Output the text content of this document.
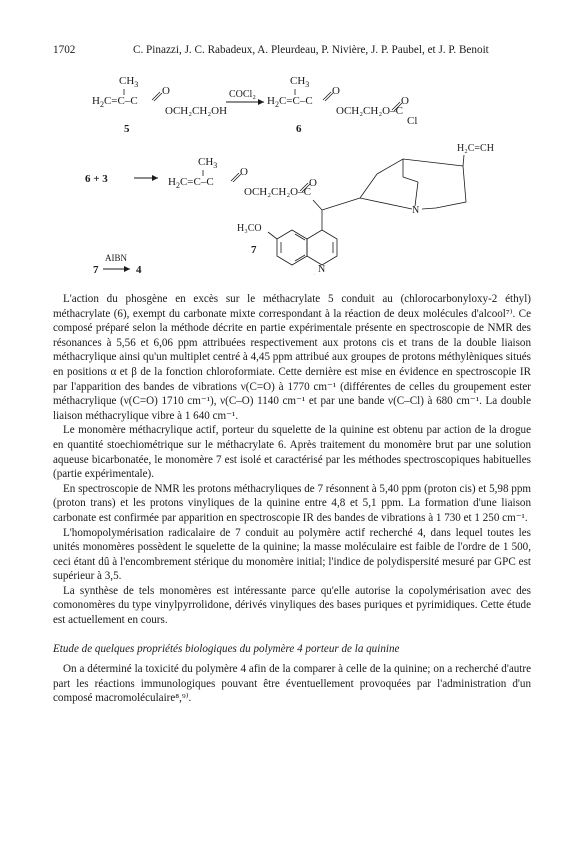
1702	C. Pinazzi, J. C. Rabadeux, A. Pleurdeau, P. Nivière, J. P. Paubel, et J. P. Benoit
$CH_3$
$H_2C=C-C$
O
OCH₂CH₂OH
5
COCl₂
$CH_3$
$H_2C=C-C$
O
OCH₂CH₂O–C
O
Cl
6
6 + 3
$CH_3$
$H_2C=C-C$
O
OCH₂CH₂O–C
O
H₂C=CH
N
. N
H₃CO
7
7
AIBN
4

L'action du phosgène en excès sur le méthacrylate 5 conduit au (chlorocarbonyloxy-2 éthyl) méthacrylate (6), exempt du carbonate mixte correspondant à la réaction de deux molécules d'alcool⁷⁾. Ce composé préparé selon la méthode décrite en partie expérimentale présente en spectroscopie de NMR des résonances à 5,56 et 6,06 ppm attribuées respectivement aux protons cis et trans de la double liaison méthacrylique ainsi qu'un multiplet centré à 4,45 ppm attribué aux groupes de protons méthylèniques situés en positions α et β de la fonction chloroformiate. Cette dernière est mise en évidence en spectroscopie IR par l'apparition des bandes de vibrations ν(C=O) à 1770 cm⁻¹ (différentes de celles du groupement ester méthacrylique (ν(C=O) 1710 cm⁻¹), ν(C–O) 1140 cm⁻¹ et par une bande ν(C–Cl) à 680 cm⁻¹. La double liaison méthacrylique vibre à 1 640 cm⁻¹.

Le monomère méthacrylique actif, porteur du squelette de la quinine est obtenu par action de la drogue en quantité stoechiométrique sur le méthacrylate 6. Après traitement du monomère brut par une solution aqueuse bicarbonatée, le monomère 7 est isolé et caractérisé par les méthodes spectroscopiques habituelles (partie expérimentale).

En spectroscopie de NMR les protons méthacryliques de 7 résonnent à 5,40 ppm (proton cis) et 5,98 ppm (proton trans) et les protons vinyliques de la quinine entre 4,8 et 5,1 ppm. La formation d'une liaison carbonate est confirmée par apparition en spectroscopie IR des bandes de vibrations à 1 730 et 1 250 cm⁻¹.

L'homopolymérisation radicalaire de 7 conduit au polymère actif recherché 4, dans lequel toutes les unités monomères possèdent le squelette de la quinine; la masse moléculaire est faible de l'ordre de 1 500, ceci étant dû à l'encombrement stérique du monomère initial; l'indice de polydispersité mesuré par GPC est supérieur à 3,5.

La synthèse de tels monomères est intéressante parce qu'elle autorise la copolymérisation avec des comonomères du type vinylpyrrolidone, dérivés vinyliques des bases puriques et pyrimidiques. Cette étude est actuellement en cours.

Etude de quelques propriétés biologiques du polymère 4 porteur de la quinine

On a déterminé la toxicité du polymère 4 afin de la comparer à celle de la quinine; on a recherché d'autre part les réactions immunologiques pouvant être éventuellement provoquées par l'administration d'un composé macromoléculaire⁸,⁹⁾.
